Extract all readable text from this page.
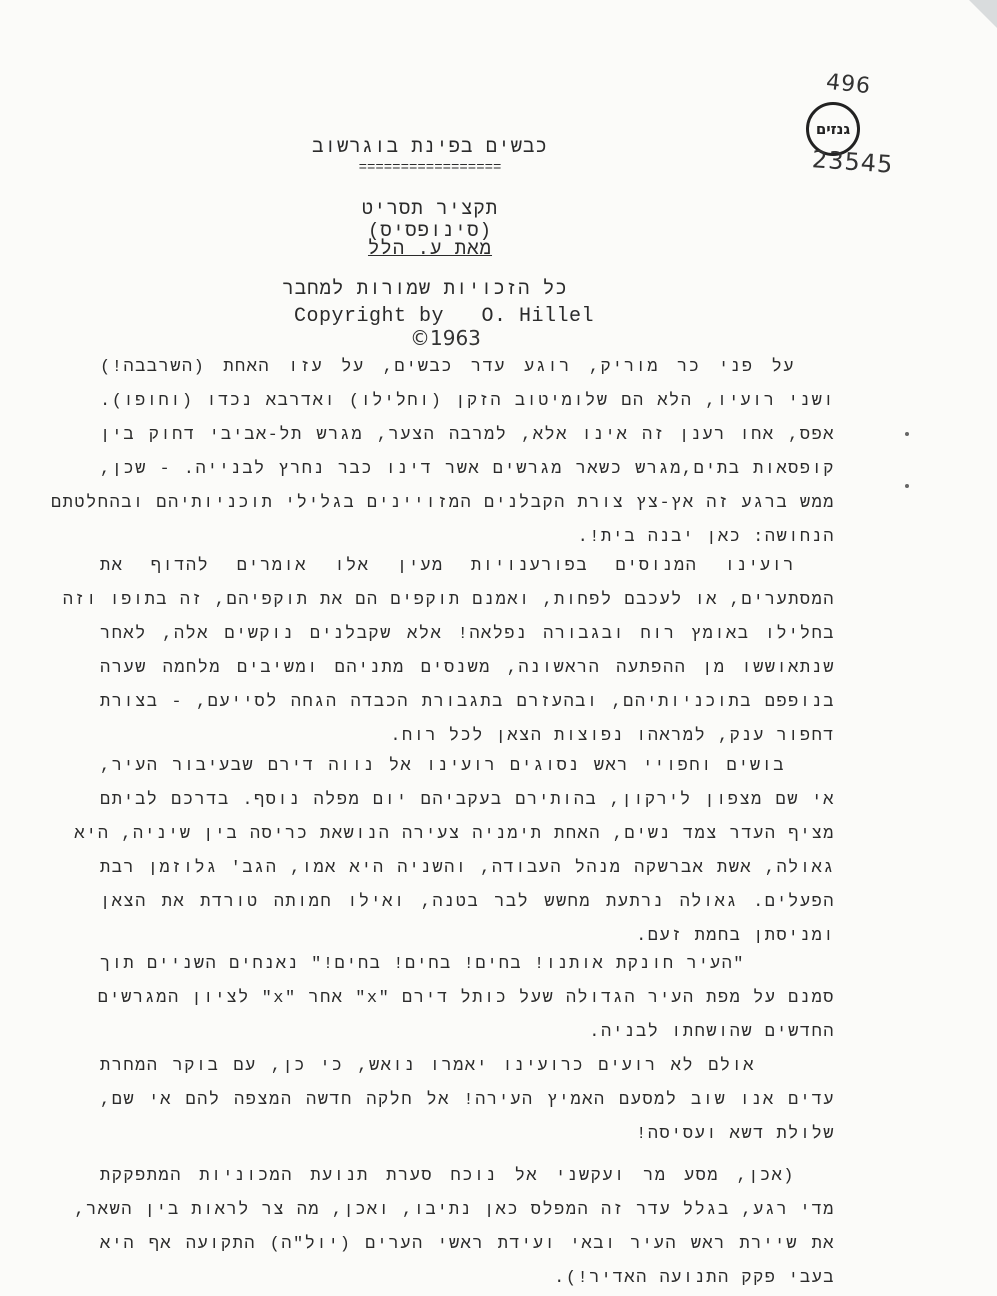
496
גנזים
23545
כבשים בפינת בוגרשוב
=================
תקציר תסריט (סינופסיס)
מאת ע. הלל
כל הזכויות שמורות למחבר
Copyright by   O. Hillel
©1963
על פני כר מוריק, רוגע עדר כבשים, על עזו האחת (השרבבה!)
ושני רועיו, הלא הם שלומיטוב הזקן (וחלילו) ואדרבא נכדו (וחופו).
אפס, אחו רענן זה אינו אלא, למרבה הצער, מגרש תל-אביבי דחוק בין
קופסאות בתים,מגרש כשאר מגרשים אשר דינו כבר נחרץ לבנייה. - שכן,
ממש ברגע זה אץ-צץ צורת הקבלנים המזויינים בגלילי תוכניותיהם ובהחלטתם
הנחושה: כאן יבנה בית!.
רועינו המנוסים בפורענויות מעין אלו אומרים להדוף את
המסתערים, או לעכבם לפחות, ואמנם תוקפים הם את תוקפיהם, זה בתופו וזה
בחלילו באומץ רוח ובגבורה נפלאה! אלא שקבלנים נוקשים אלה, לאחר
שנתאוששו מן ההפתעה הראשונה, משנסים מתניהם ומשיבים מלחמה שערה
בנופפם בתוכניותיהם, ובהעזרם בתגבורת הכבדה הגחה לסייעם, - בצורת
דחפור ענק, למראהו נפוצות הצאן לכל רוח.
בושים וחפויי ראש נסוגים רועינו אל נווה דירם שבעיבור העיר,
אי שם מצפון לירקון, בהותירם בעקביהם יום מפלה נוסף. בדרכם לביתם
מציף העדר צמד נשים, האחת תימניה צעירה הנושאת כריסה בין שיניה, היא
גאולה, אשת אברשקה מנהל העבודה, והשניה היא אמו, הגב' גלוזמן רבת
הפעלים. גאולה נרתעת מחשש לבר בטנה, ואילו חמותה טורדת את הצאן
ומניסתן בחמת זעם.
"העיר חונקת אותנו! בחים! בחים! בחים!" נאנחים השניים תוך
סמנם על מפת העיר הגדולה שעל כותל דירם "x" אחר "x" לציון המגרשים
החדשים שהושחתו לבניה.
אולם לא רועים כרועינו יאמרו נואש, כי כן, עם בוקר המחרת
עדים אנו שוב למסעם האמיץ העירה! אל חלקה חדשה המצפה להם אי שם,
שלולת דשא ועסיסה!
(אכן, מסע מר ועקשני אל נוכח סערת תנועת המכוניות המתפקקת
מדי רגע, בגלל עדר זה המפלס כאן נתיבו, ואכן, מה צר לראות בין השאר,
את שיירת ראש העיר ובאי ועידת ראשי הערים (יול"ה) התקועה אף היא
בעבי פקק התנועה האדיר!).
